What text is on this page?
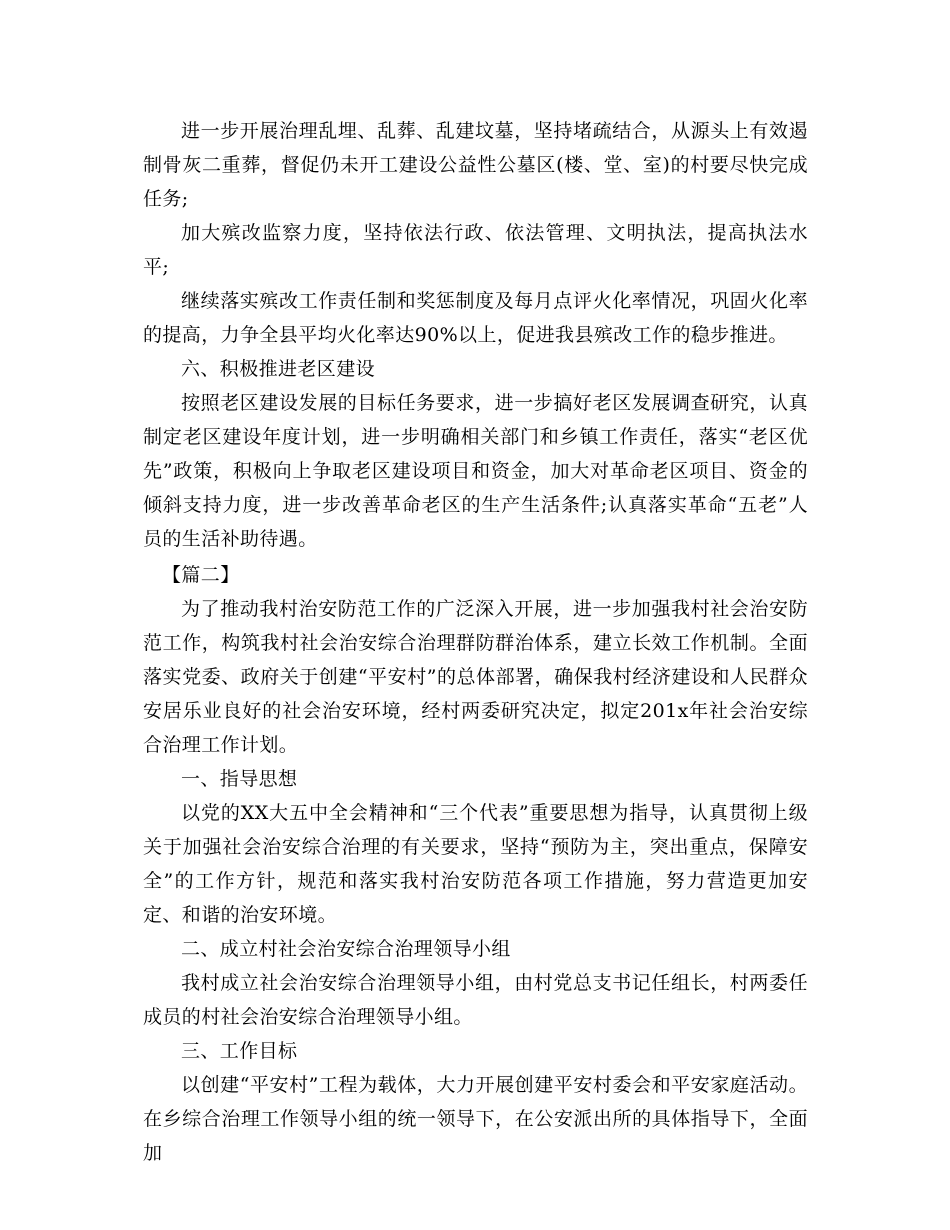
进一步开展治理乱埋、乱葬、乱建坟墓，坚持堵疏结合，从源头上有效遏制骨灰二重葬，督促仍未开工建设公益性公墓区(楼、堂、室)的村要尽快完成任务;

加大殡改监察力度，坚持依法行政、依法管理、文明执法，提高执法水平;

继续落实殡改工作责任制和奖惩制度及每月点评火化率情况，巩固火化率的提高，力争全县平均火化率达90%以上，促进我县殡改工作的稳步推进。

六、积极推进老区建设

按照老区建设发展的目标任务要求，进一步搞好老区发展调查研究，认真制定老区建设年度计划，进一步明确相关部门和乡镇工作责任，落实“老区优先”政策，积极向上争取老区建设项目和资金，加大对革命老区项目、资金的倾斜支持力度，进一步改善革命老区的生产生活条件;认真落实革命“五老”人员的生活补助待遇。

【篇二】

为了推动我村治安防范工作的广泛深入开展，进一步加强我村社会治安防范工作，构筑我村社会治安综合治理群防群治体系，建立长效工作机制。全面落实党委、政府关于创建“平安村”的总体部署，确保我村经济建设和人民群众安居乐业良好的社会治安环境，经村两委研究决定，拟定201x年社会治安综合治理工作计划。

一、指导思想

以党的XX大五中全会精神和“三个代表”重要思想为指导，认真贯彻上级关于加强社会治安综合治理的有关要求，坚持“预防为主，突出重点，保障安全”的工作方针，规范和落实我村治安防范各项工作措施，努力营造更加安定、和谐的治安环境。

二、成立村社会治安综合治理领导小组

我村成立社会治安综合治理领导小组，由村党总支书记任组长，村两委任成员的村社会治安综合治理领导小组。

三、工作目标

以创建“平安村”工程为载体，大力开展创建平安村委会和平安家庭活动。在乡综合治理工作领导小组的统一领导下，在公安派出所的具体指导下，全面加
